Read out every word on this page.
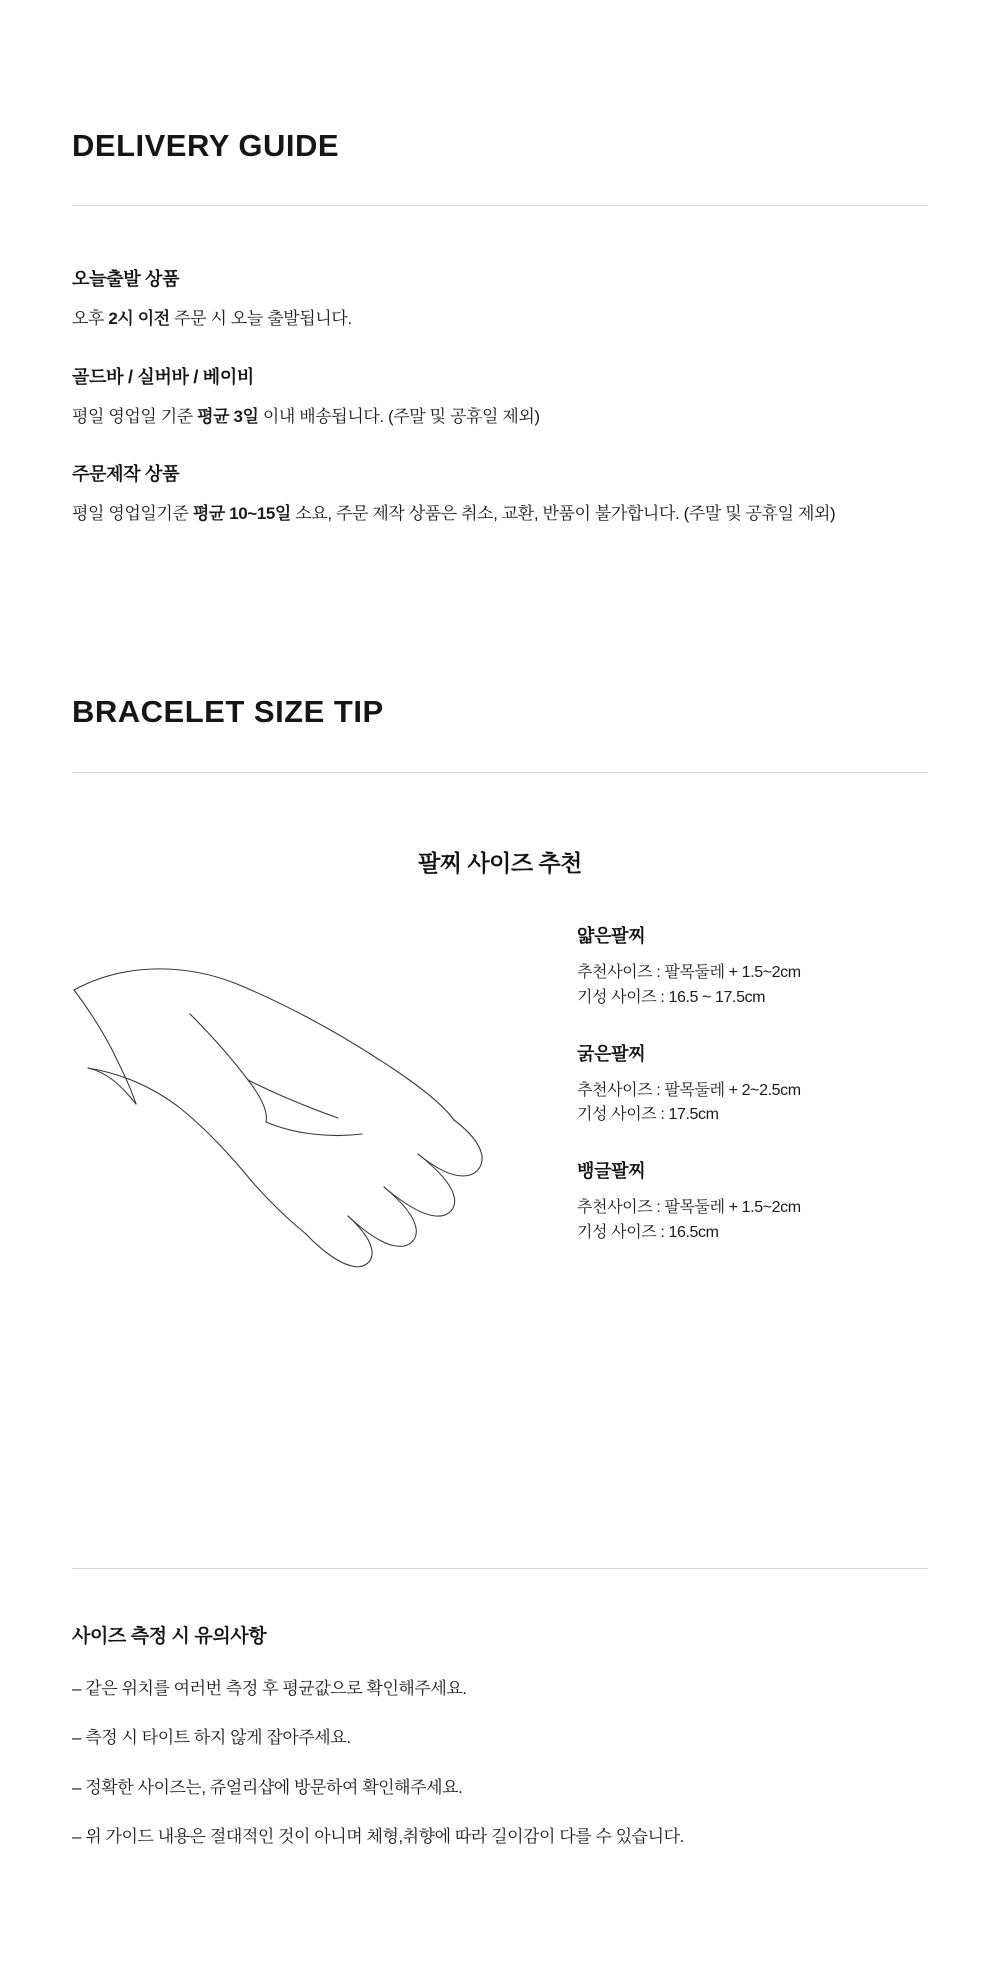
DELIVERY GUIDE

오늘출발 상품

오후 2시 이전 주문 시 오늘 출발됩니다.

골드바 / 실버바 / 베이비

평일 영업일 기준 평균 3일 이내 배송됩니다. (주말 및 공휴일 제외)

주문제작 상품

평일 영업일기준 평균 10~15일 소요, 주문 제작 상품은 취소, 교환, 반품이 불가합니다. (주말 및 공휴일 제외)

BRACELET SIZE TIP
팔찌 사이즈 추천

얇은팔찌

추천사이즈 : 팔목둘레 + 1.5~2cm

기성 사이즈 : 16.5 ~ 17.5cm

굵은팔찌

추천사이즈 : 팔목둘레 + 2~2.5cm

기성 사이즈 : 17.5cm

뱅글팔찌

추천사이즈 : 팔목둘레 + 1.5~2cm

기성 사이즈 : 16.5cm

사이즈 측정 시 유의사항
– 같은 위치를 여러번 측정 후 평균값으로 확인해주세요.
– 측정 시 타이트 하지 않게 잡아주세요.
– 정확한 사이즈는, 쥬얼리샵에 방문하여 확인해주세요.
– 위 가이드 내용은 절대적인 것이 아니며 체형,취향에 따라 길이감이 다를 수 있습니다.
